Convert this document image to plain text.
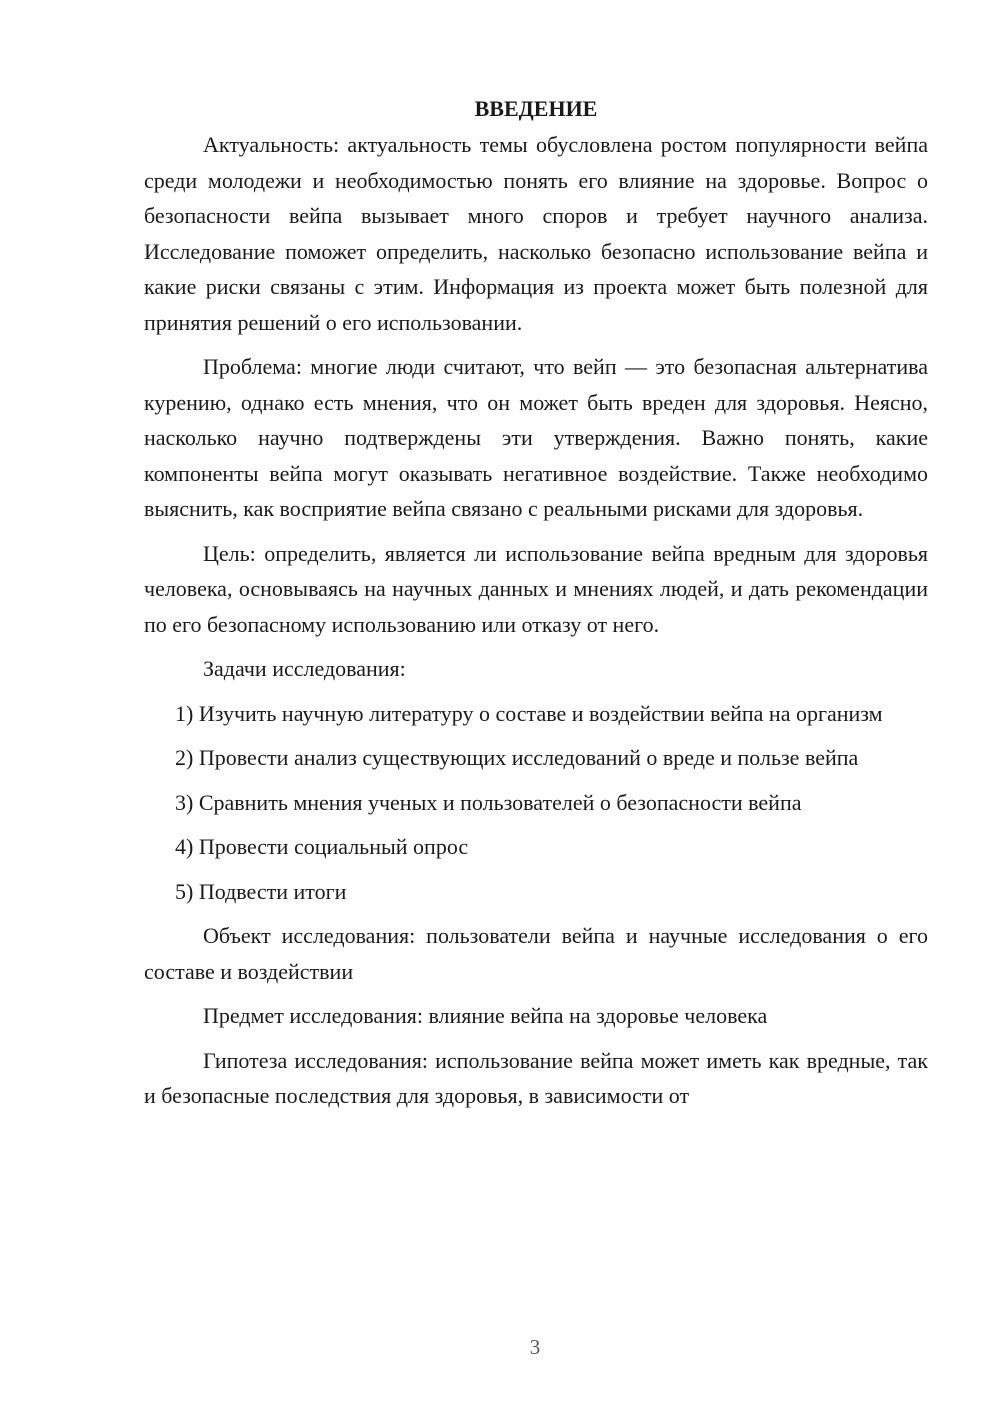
ВВЕДЕНИЕ

Актуальность: актуальность темы обусловлена ростом популярности вейпа среди молодежи и необходимостью понять его влияние на здоровье. Вопрос о безопасности вейпа вызывает много споров и требует научного анализа. Исследование поможет определить, насколько безопасно использование вейпа и какие риски связаны с этим. Информация из проекта может быть полезной для принятия решений о его использовании.

Проблема: многие люди считают, что вейп — это безопасная альтернатива курению, однако есть мнения, что он может быть вреден для здоровья. Неясно, насколько научно подтверждены эти утверждения. Важно понять, какие компоненты вейпа могут оказывать негативное воздействие. Также необходимо выяснить, как восприятие вейпа связано с реальными рисками для здоровья.

Цель: определить, является ли использование вейпа вредным для здоровья человека, основываясь на научных данных и мнениях людей, и дать рекомендации по его безопасному использованию или отказу от него.

Задачи исследования:

1) Изучить научную литературу о составе и воздействии вейпа на организм

2) Провести анализ существующих исследований о вреде и пользе вейпа

3) Сравнить мнения ученых и пользователей о безопасности вейпа

4) Провести социальный опрос

5) Подвести итоги

Объект исследования: пользователи вейпа и научные исследования о его составе и воздействии

Предмет исследования: влияние вейпа на здоровье человека

Гипотеза исследования: использование вейпа может иметь как вредные, так и безопасные последствия для здоровья, в зависимости от

3
